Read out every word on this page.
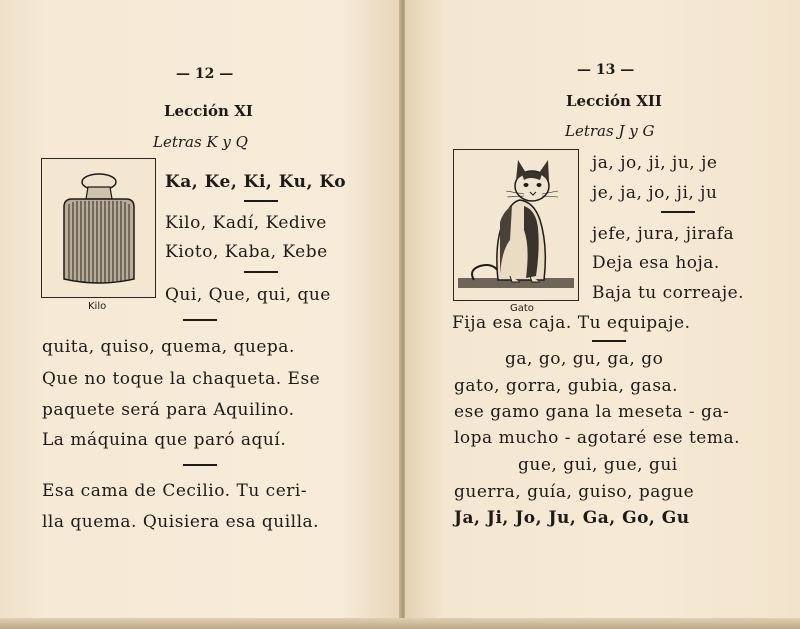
— 12 —
Lección XI
Letras K y Q
Kilo
Ka, Ke, Ki, Ku, Ko
Kilo, Kadí, Kedive
Kioto, Kaba, Kebe
Qui, Que, qui, que
quita, quiso, quema, quepa.
Que no toque la chaqueta. Ese
paquete será para Aquilino.
La máquina que paró aquí.
Esa cama de Cecilio. Tu ceri-
lla quema. Quisiera esa quilla.
— 13 —
Lección XII
Letras J y G
Gato
ja, jo, ji, ju, je
je, ja, jo, ji, ju
jefe, jura, jirafa
Deja esa hoja.
Baja tu correaje.
Fija esa caja. Tu equipaje.
ga, go, gu, ga, go
gato, gorra, gubia, gasa.
ese gamo gana la meseta - ga-
lopa mucho - agotaré ese tema.
gue, gui, gue, gui
guerra, guía, guiso, pague
Ja, Ji, Jo, Ju, Ga, Go, Gu
